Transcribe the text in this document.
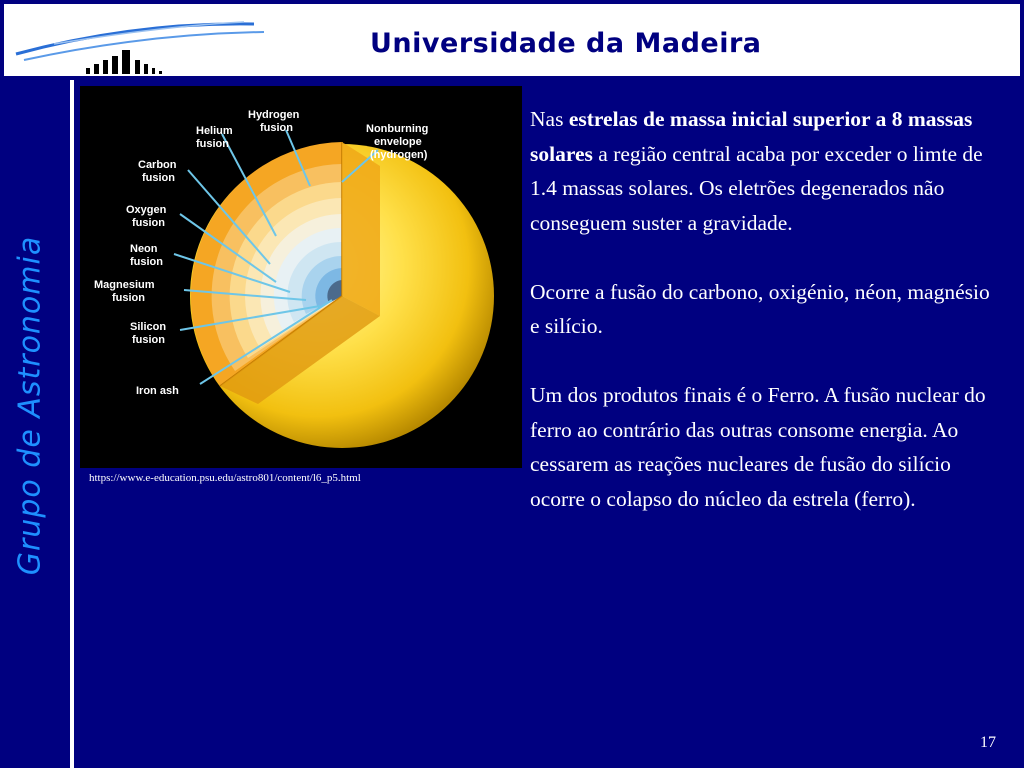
Universidade da Madeira
Grupo de Astronomia
Helium fusion
Hydrogen fusion	Nonburning envelope (hydrogen)
Carbon fusion
Oxygen fusion
Neon fusion
Magnesium fusion
Silicon fusion
Iron ash
https://www.e-education.psu.edu/astro801/content/l6_p5.html

Nas estrelas de massa inicial superior a 8 massas solares a região central acaba por exceder o limte de 1.4 massas solares. Os eletrões degenerados não conseguem suster a gravidade.

Ocorre a fusão do carbono, oxigénio, néon, magnésio e silício.

Um dos produtos finais é o Ferro. A fusão nuclear do ferro ao contrário das outras consome energia. Ao cessarem as reações nucleares de fusão do silício ocorre o colapso do núcleo da estrela (ferro).

17
